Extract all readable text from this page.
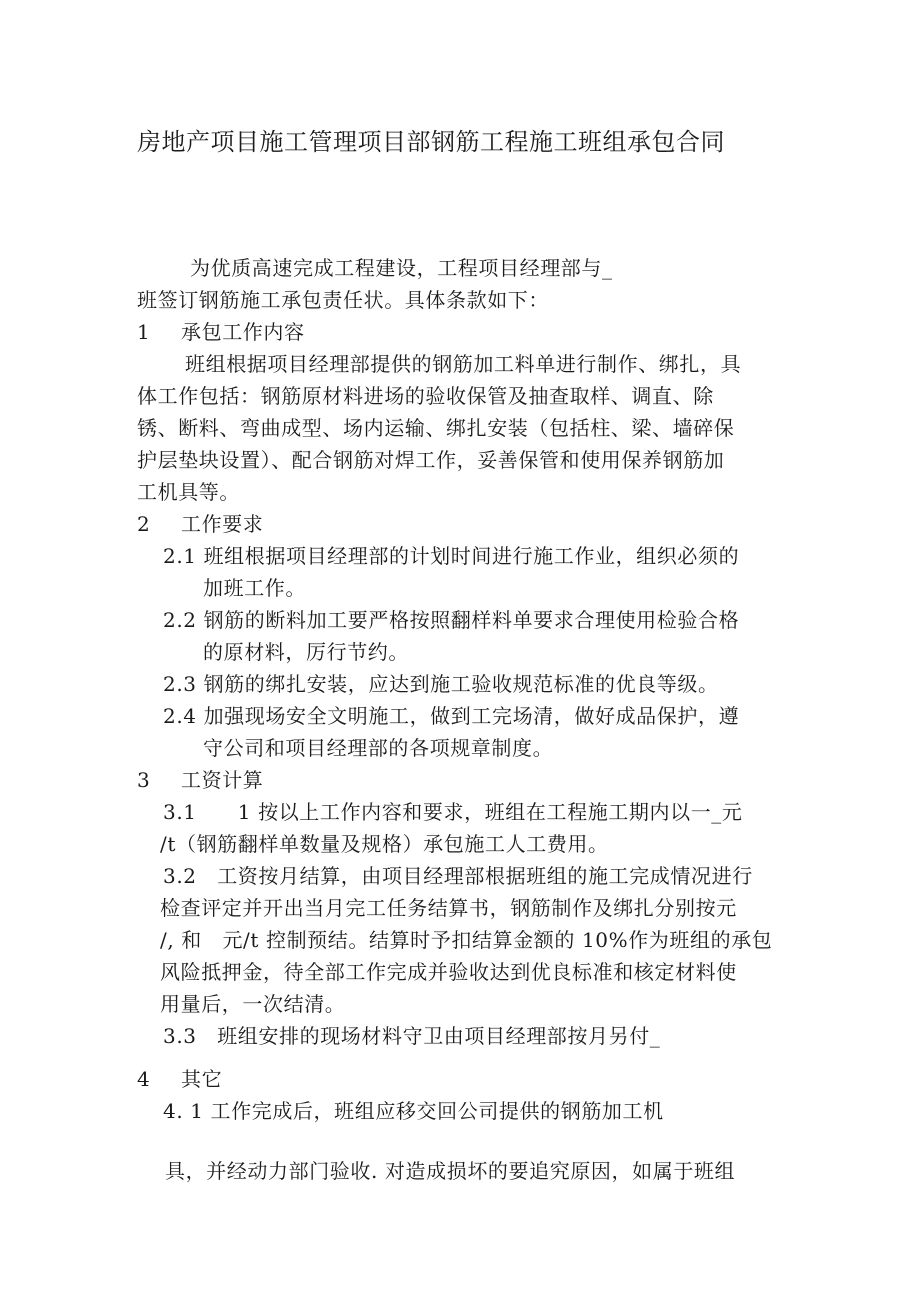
房地产项目施工管理项目部钢筋工程施工班组承包合同
为优质高速完成工程建设，工程项目经理部与_
班签订钢筋施工承包责任状。具体条款如下：
1 承包工作内容
班组根据项目经理部提供的钢筋加工料单进行制作、绑扎，具
体工作包括：钢筋原材料进场的验收保管及抽查取样、调直、除
锈、断料、弯曲成型、场内运输、绑扎安装（包括柱、梁、墙碎保
护层垫块设置）、配合钢筋对焊工作，妥善保管和使用保养钢筋加
工机具等。
2 工作要求
2.1 班组根据项目经理部的计划时间进行施工作业，组织必须的
加班工作。
2.2 钢筋的断料加工要严格按照翻样料单要求合理使用检验合格
的原材料，厉行节约。
2.3 钢筋的绑扎安装，应达到施工验收规范标准的优良等级。
2.4 加强现场安全文明施工，做到工完场清，做好成品保护，遵
守公司和项目经理部的各项规章制度。
3 工资计算
3.1　　1 按以上工作内容和要求，班组在工程施工期内以一_元
/t（钢筋翻样单数量及规格）承包施工人工费用。
3.2　工资按月结算，由项目经理部根据班组的施工完成情况进行
检查评定并开出当月完工任务结算书，钢筋制作及绑扎分别按元
/, 和　元/t 控制预结。结算时予扣结算金额的 10%作为班组的承包
风险抵押金，待全部工作完成并验收达到优良标准和核定材料使
用量后，一次结清。
3.3　班组安排的现场材料守卫由项目经理部按月另付_
4 其它
4. 1 工作完成后，班组应移交回公司提供的钢筋加工机
具，并经动力部门验收. 对造成损坏的要追究原因，如属于班组
